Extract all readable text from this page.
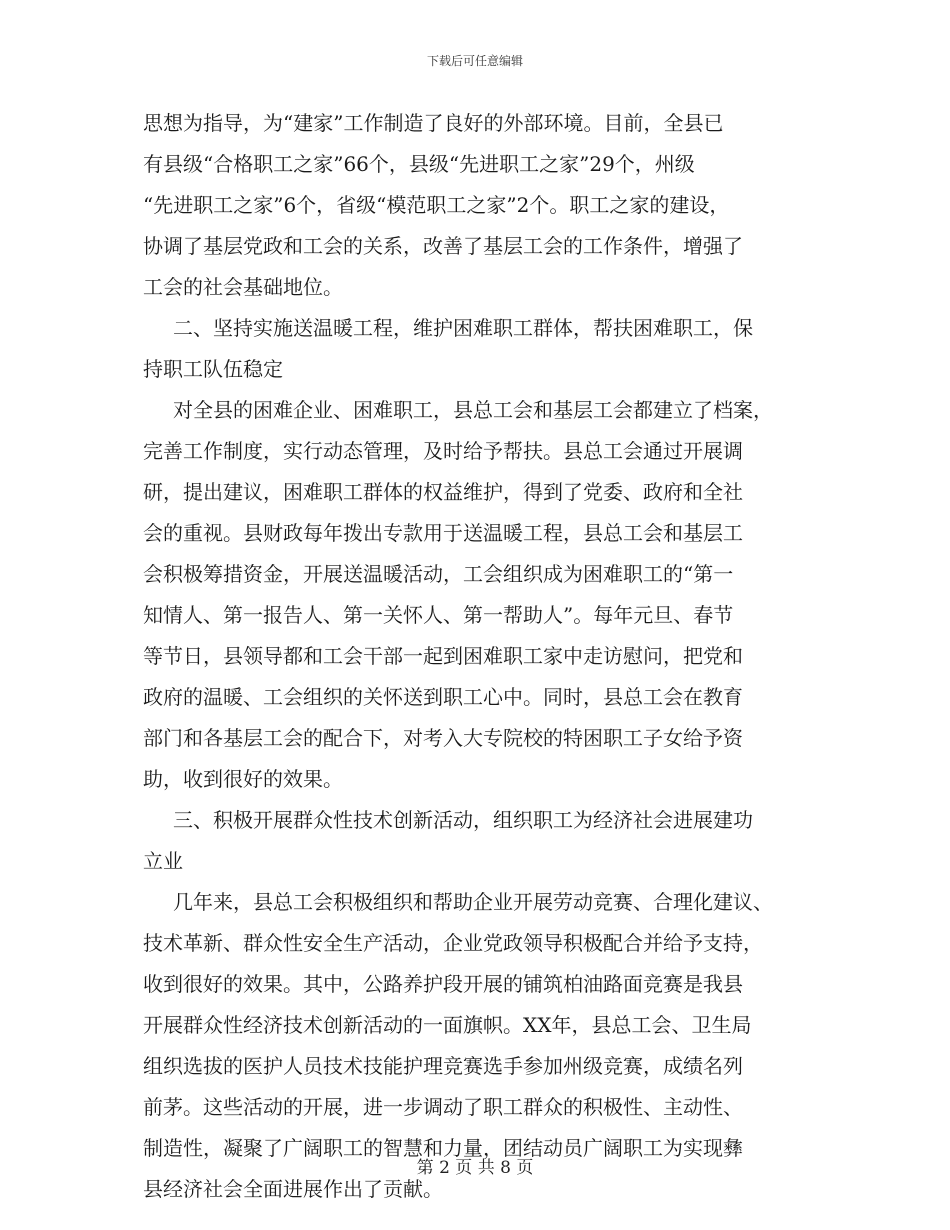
下载后可任意编辑
思想为指导，为“建家”工作制造了良好的外部环境。目前，全县已
有县级“合格职工之家”66个，县级“先进职工之家”29个，州级
“先进职工之家”6个，省级“模范职工之家”2个。职工之家的建设，
协调了基层党政和工会的关系，改善了基层工会的工作条件，增强了
工会的社会基础地位。
二、坚持实施送温暖工程，维护困难职工群体，帮扶困难职工，保
持职工队伍稳定
对全县的困难企业、困难职工，县总工会和基层工会都建立了档案，
完善工作制度，实行动态管理，及时给予帮扶。县总工会通过开展调
研，提出建议，困难职工群体的权益维护，得到了党委、政府和全社
会的重视。县财政每年拨出专款用于送温暖工程，县总工会和基层工
会积极筹措资金，开展送温暖活动，工会组织成为困难职工的“第一
知情人、第一报告人、第一关怀人、第一帮助人”。每年元旦、春节
等节日，县领导都和工会干部一起到困难职工家中走访慰问，把党和
政府的温暖、工会组织的关怀送到职工心中。同时，县总工会在教育
部门和各基层工会的配合下，对考入大专院校的特困职工子女给予资
助，收到很好的效果。
三、积极开展群众性技术创新活动，组织职工为经济社会进展建功
立业
几年来，县总工会积极组织和帮助企业开展劳动竞赛、合理化建议、
技术革新、群众性安全生产活动，企业党政领导积极配合并给予支持，
收到很好的效果。其中，公路养护段开展的铺筑柏油路面竞赛是我县
开展群众性经济技术创新活动的一面旗帜。XX年，县总工会、卫生局
组织选拔的医护人员技术技能护理竞赛选手参加州级竞赛，成绩名列
前茅。这些活动的开展，进一步调动了职工群众的积极性、主动性、
制造性，凝聚了广阔职工的智慧和力量，团结动员广阔职工为实现彝
县经济社会全面进展作出了贡献。
第 2 页 共 8 页
